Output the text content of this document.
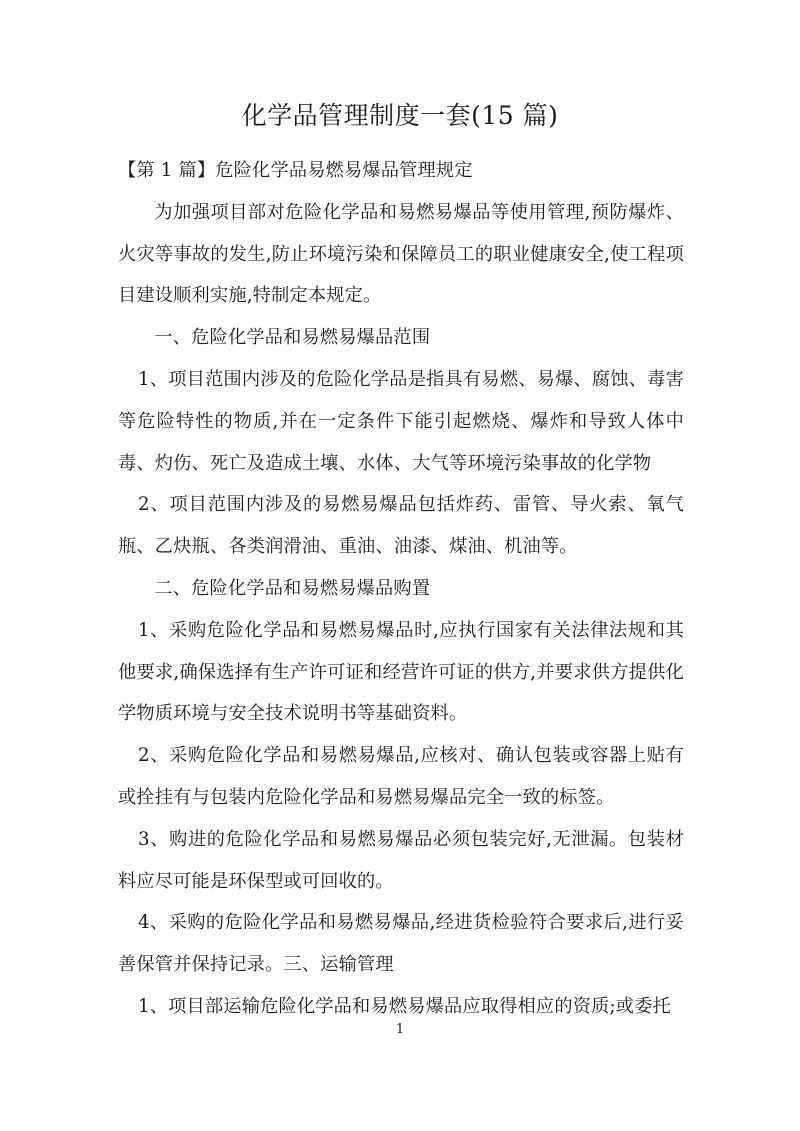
化学品管理制度一套(15 篇)

【第 1 篇】危险化学品易燃易爆品管理规定

为加强项目部对危险化学品和易燃易爆品等使用管理,预防爆炸、火灾等事故的发生,防止环境污染和保障员工的职业健康安全,使工程项目建设顺利实施,特制定本规定。

一、危险化学品和易燃易爆品范围

1、项目范围内涉及的危险化学品是指具有易燃、易爆、腐蚀、毒害等危险特性的物质,并在一定条件下能引起燃烧、爆炸和导致人体中毒、灼伤、死亡及造成土壤、水体、大气等环境污染事故的化学物

2、项目范围内涉及的易燃易爆品包括炸药、雷管、导火索、氧气瓶、乙炔瓶、各类润滑油、重油、油漆、煤油、机油等。

二、危险化学品和易燃易爆品购置

1、采购危险化学品和易燃易爆品时,应执行国家有关法律法规和其他要求,确保选择有生产许可证和经营许可证的供方,并要求供方提供化学物质环境与安全技术说明书等基础资料。

2、采购危险化学品和易燃易爆品,应核对、确认包装或容器上贴有或拴挂有与包装内危险化学品和易燃易爆品完全一致的标签。

3、购进的危险化学品和易燃易爆品必须包装完好,无泄漏。包装材料应尽可能是环保型或可回收的。

4、采购的危险化学品和易燃易爆品,经进货检验符合要求后,进行妥善保管并保持记录。三、运输管理

1、项目部运输危险化学品和易燃易爆品应取得相应的资质;或委托

1
